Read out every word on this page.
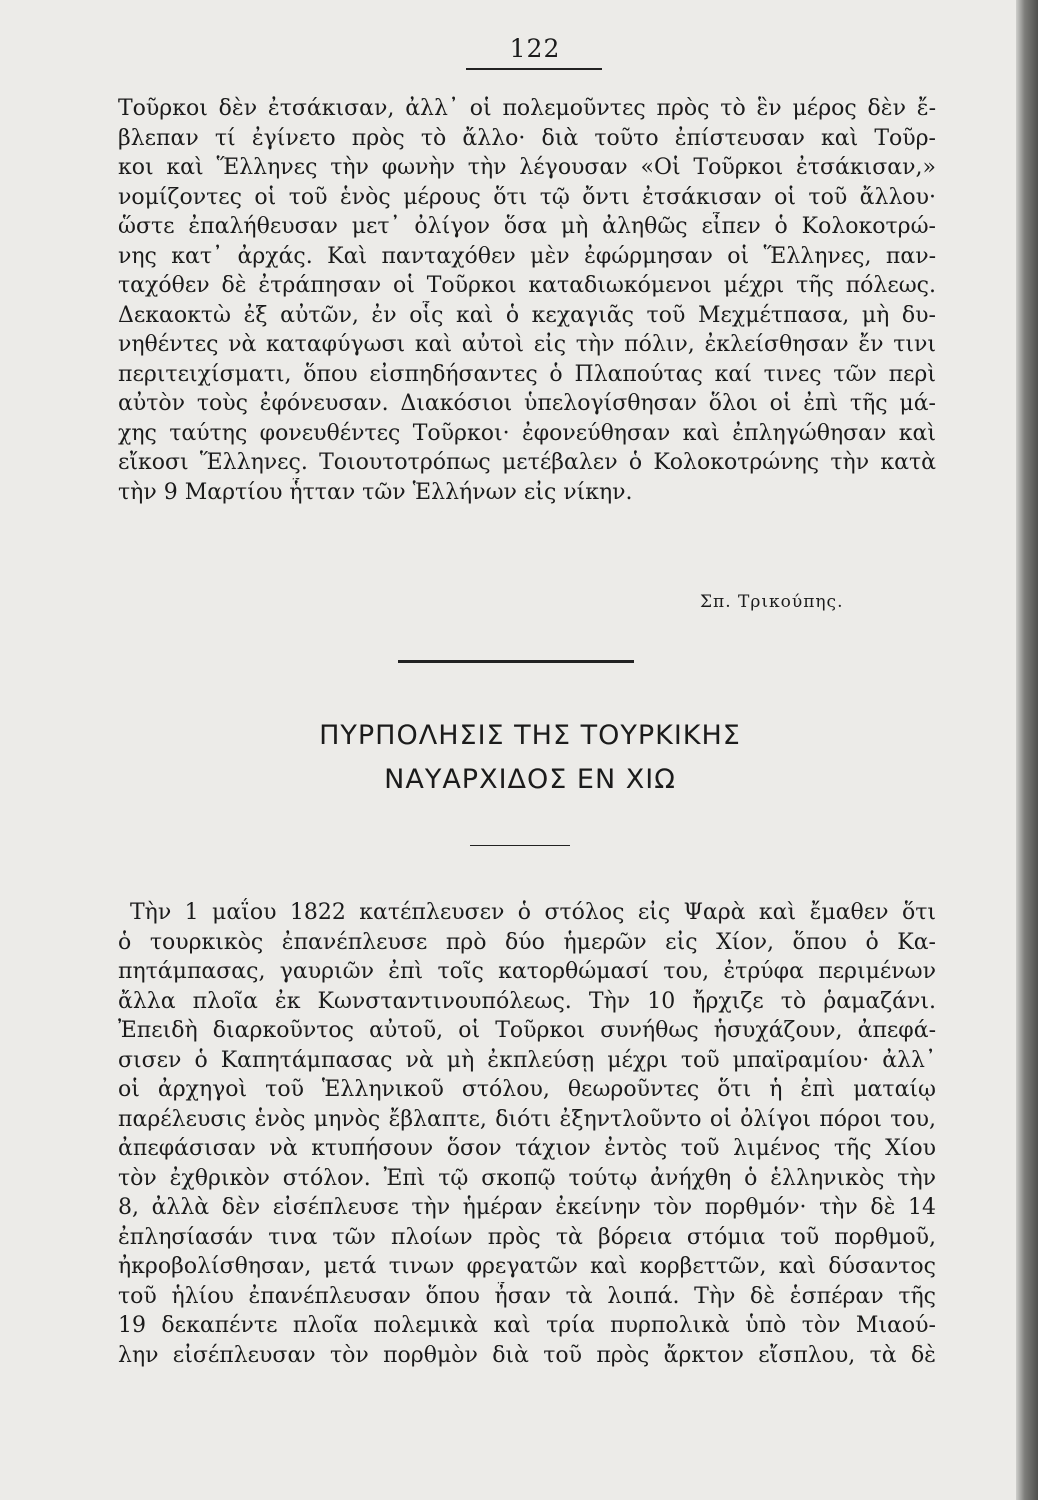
122
Τοῦρκοι δὲν ἐτσάκισαν, ἀλλ᾽ οἱ πολεμοῦντες πρὸς τὸ ἓν μέρος δὲν ἔ-
βλεπαν τί ἐγίνετο πρὸς τὸ ἄλλο· διὰ τοῦτο ἐπίστευσαν καὶ Τοῦρ-
κοι καὶ Ἕλληνες τὴν φωνὴν τὴν λέγουσαν «Οἱ Τοῦρκοι ἐτσάκισαν,»
νομίζοντες οἱ τοῦ ἑνὸς μέρους ὅτι τῷ ὄντι ἐτσάκισαν οἱ τοῦ ἄλλου·
ὥστε ἐπαλήθευσαν μετ᾽ ὀλίγον ὅσα μὴ ἀληθῶς εἶπεν ὁ Κολοκοτρώ-
νης κατ᾽ ἀρχάς. Καὶ πανταχόθεν μὲν ἐφώρμησαν οἱ Ἕλληνες, παν-
ταχόθεν δὲ ἐτράπησαν οἱ Τοῦρκοι καταδιωκόμενοι μέχρι τῆς πόλεως.
Δεκαοκτὼ ἐξ αὐτῶν, ἐν οἷς καὶ ὁ κεχαγιᾶς τοῦ Μεχμέτπασα, μὴ δυ-
νηθέντες νὰ καταφύγωσι καὶ αὐτοὶ εἰς τὴν πόλιν, ἐκλείσθησαν ἔν τινι
περιτειχίσματι, ὅπου εἰσπηδήσαντες ὁ Πλαπούτας καί τινες τῶν περὶ
αὐτὸν τοὺς ἐφόνευσαν. Διακόσιοι ὑπελογίσθησαν ὅλοι οἱ ἐπὶ τῆς μά-
χης ταύτης φονευθέντες Τοῦρκοι· ἐφονεύθησαν καὶ ἐπληγώθησαν καὶ
εἴκοσι Ἕλληνες. Τοιουτοτρόπως μετέβαλεν ὁ Κολοκοτρώνης τὴν κατὰ
τὴν 9 Μαρτίου ἧτταν τῶν Ἑλλήνων εἰς νίκην.
Σπ. Τρικούπης.
ΠΥΡΠΟΛΗΣΙΣ ΤΗΣ ΤΟΥΡΚΙΚΗΣ
ΝΑΥΑΡΧΙΔΟΣ ΕΝ ΧΙΩ
Τὴν 1 μαΐου 1822 κατέπλευσεν ὁ στόλος εἰς Ψαρὰ καὶ ἔμαθεν ὅτι
ὁ τουρκικὸς ἐπανέπλευσε πρὸ δύο ἡμερῶν εἰς Χίον, ὅπου ὁ Κα-
πητάμπασας, γαυριῶν ἐπὶ τοῖς κατορθώμασί του, ἐτρύφα περιμένων
ἄλλα πλοῖα ἐκ Κωνσταντινουπόλεως. Τὴν 10 ἤρχιζε τὸ ῥαμαζάνι.
Ἐπειδὴ διαρκοῦντος αὐτοῦ, οἱ Τοῦρκοι συνήθως ἡσυχάζουν, ἀπεφά-
σισεν ὁ Καπητάμπασας νὰ μὴ ἐκπλεύσῃ μέχρι τοῦ μπαϊραμίου· ἀλλ᾽
οἱ ἀρχηγοὶ τοῦ Ἑλληνικοῦ στόλου, θεωροῦντες ὅτι ἡ ἐπὶ ματαίῳ
παρέλευσις ἑνὸς μηνὸς ἔβλαπτε, διότι ἐξηντλοῦντο οἱ ὀλίγοι πόροι του,
ἀπεφάσισαν νὰ κτυπήσουν ὅσον τάχιον ἐντὸς τοῦ λιμένος τῆς Χίου
τὸν ἐχθρικὸν στόλον. Ἐπὶ τῷ σκοπῷ τούτῳ ἀνήχθη ὁ ἑλληνικὸς τὴν
8, ἀλλὰ δὲν εἰσέπλευσε τὴν ἡμέραν ἐκείνην τὸν πορθμόν· τὴν δὲ 14
ἐπλησίασάν τινα τῶν πλοίων πρὸς τὰ βόρεια στόμια τοῦ πορθμοῦ,
ἠκροβολίσθησαν, μετά τινων φρεγατῶν καὶ κορβεττῶν, καὶ δύσαντος
τοῦ ἡλίου ἐπανέπλευσαν ὅπου ἦσαν τὰ λοιπά. Τὴν δὲ ἑσπέραν τῆς
19 δεκαπέντε πλοῖα πολεμικὰ καὶ τρία πυρπολικὰ ὑπὸ τὸν Μιαού-
λην εἰσέπλευσαν τὸν πορθμὸν διὰ τοῦ πρὸς ἄρκτον εἴσπλου, τὰ δὲ
